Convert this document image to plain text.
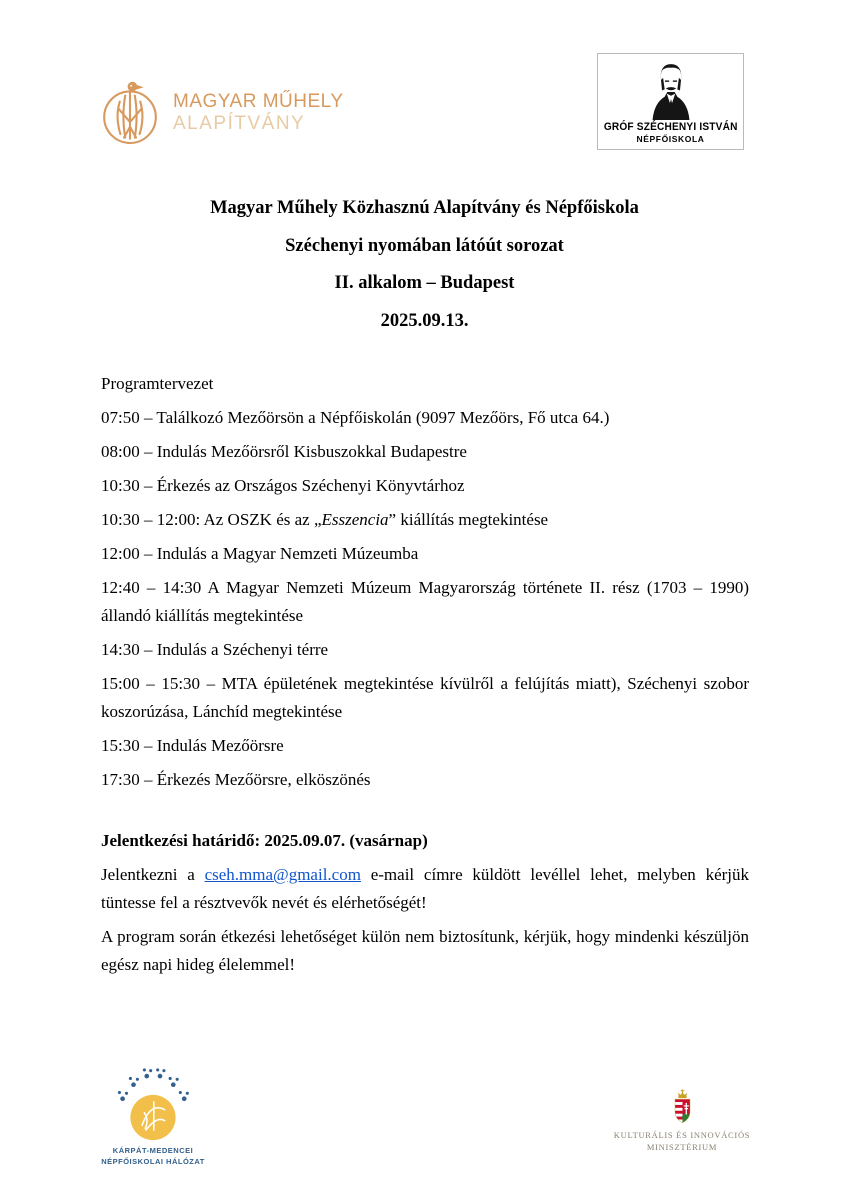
MAGYAR MŰHELY
ALAPÍTVÁNY	GRÓF SZÉCHENYI ISTVÁN
NÉPFŐISKOLA

Magyar Műhely Közhasznú Alapítvány és Népfőiskola

Széchenyi nyomában látóút sorozat

II. alkalom – Budapest

2025.09.13.

Programtervezet

07:50 – Találkozó Mezőörsön a Népfőiskolán (9097 Mezőörs, Fő utca 64.)

08:00 – Indulás Mezőörsről Kisbuszokkal Budapestre

10:30 – Érkezés az Országos Széchenyi Könyvtárhoz

10:30 – 12:00: Az OSZK és az „Esszencia” kiállítás megtekintése

12:00 – Indulás a Magyar Nemzeti Múzeumba

12:40 – 14:30 A Magyar Nemzeti Múzeum Magyarország története II. rész (1703 – 1990) állandó kiállítás megtekintése

14:30 – Indulás a Széchenyi térre

15:00 – 15:30 – MTA épületének megtekintése kívülről a felújítás miatt), Széchenyi szobor koszorúzása, Lánchíd megtekintése

15:30 – Indulás Mezőörsre

17:30 – Érkezés Mezőörsre, elköszönés

Jelentkezési határidő: 2025.09.07. (vasárnap)

Jelentkezni a cseh.mma@gmail.com e-mail címre küldött levéllel lehet, melyben kérjük tüntesse fel a résztvevők nevét és elérhetőségét!

A program során étkezési lehetőséget külön nem biztosítunk, kérjük, hogy mindenki készüljön egész napi hideg élelemmel!

KÁRPÁT-MEDENCEI
NÉPFŐISKOLAI HÁLÓZAT
KULTURÁLIS ÉS INNOVÁCIÓS
MINISZTÉRIUM
